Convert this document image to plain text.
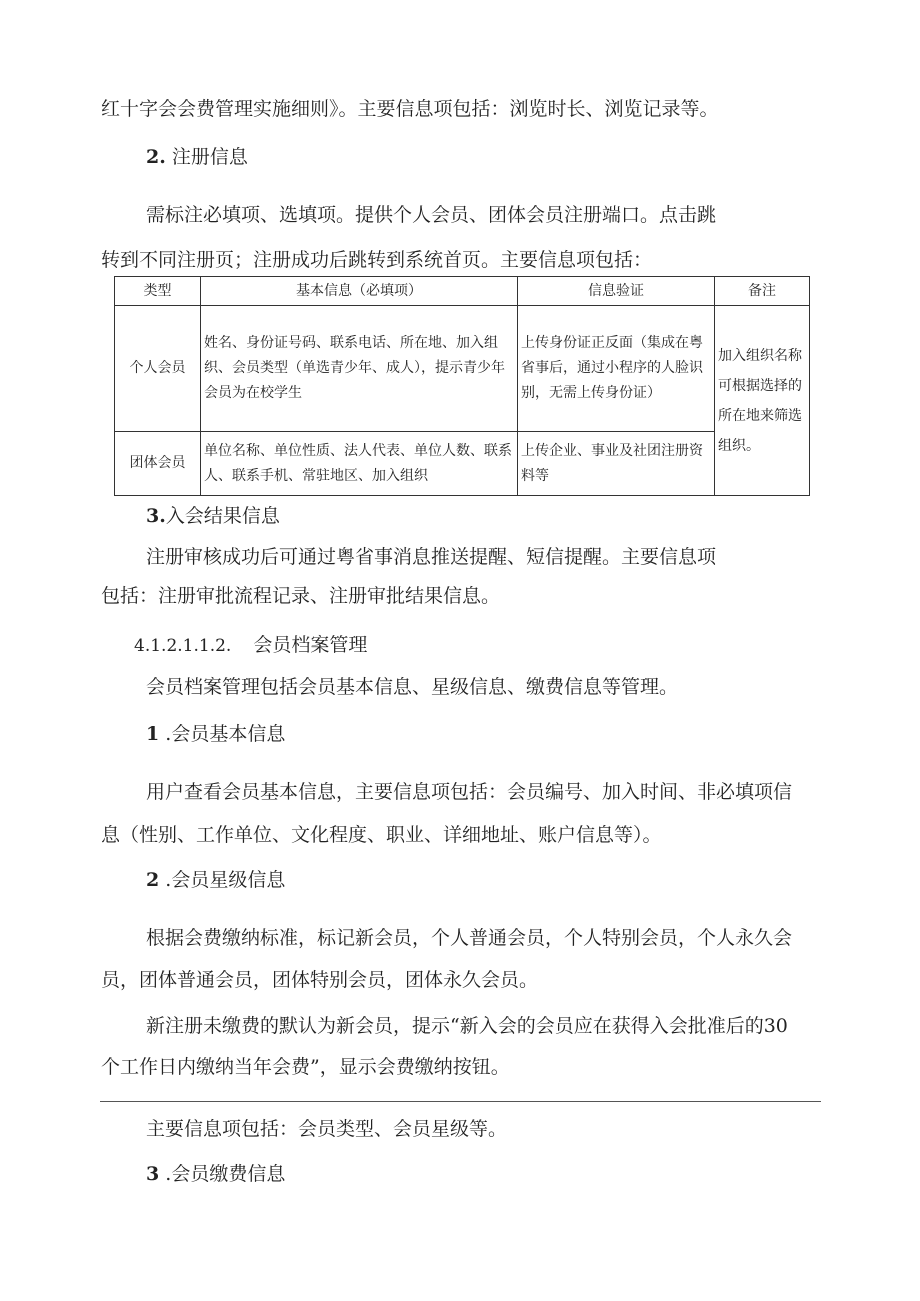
红十字会会费管理实施细则》。主要信息项包括：浏览时长、浏览记录等。
2. 注册信息
需标注必填项、选填项。提供个人会员、团体会员注册端口。点击跳
转到不同注册页；注册成功后跳转到系统首页。主要信息项包括：
类型	基本信息（必填项）	信息验证	备注
个人会员	姓名、身份证号码、联系电话、所在地、加入组织、会员类型（单选青少年、成人），提示青少年会员为在校学生	上传身份证正反面（集成在粤省事后，通过小程序的人脸识别，无需上传身份证）	加入组织名称可根据选择的所在地来筛选组织。
团体会员	单位名称、单位性质、法人代表、单位人数、联系人、联系手机、常驻地区、加入组织	上传企业、事业及社团注册资料等	
3.入会结果信息
注册审核成功后可通过粤省事消息推送提醒、短信提醒。主要信息项
包括：注册审批流程记录、注册审批结果信息。
4.1.2.1.1.2. 会员档案管理
会员档案管理包括会员基本信息、星级信息、缴费信息等管理。
1 .会员基本信息
用户查看会员基本信息，主要信息项包括：会员编号、加入时间、非必填项信
息（性别、工作单位、文化程度、职业、详细地址、账户信息等）。
2 .会员星级信息
根据会费缴纳标准，标记新会员，个人普通会员，个人特别会员，个人永久会
员，团体普通会员，团体特别会员，团体永久会员。
新注册未缴费的默认为新会员，提示“新入会的会员应在获得入会批准后的30
个工作日内缴纳当年会费”，显示会费缴纳按钮。
主要信息项包括：会员类型、会员星级等。
3 .会员缴费信息
